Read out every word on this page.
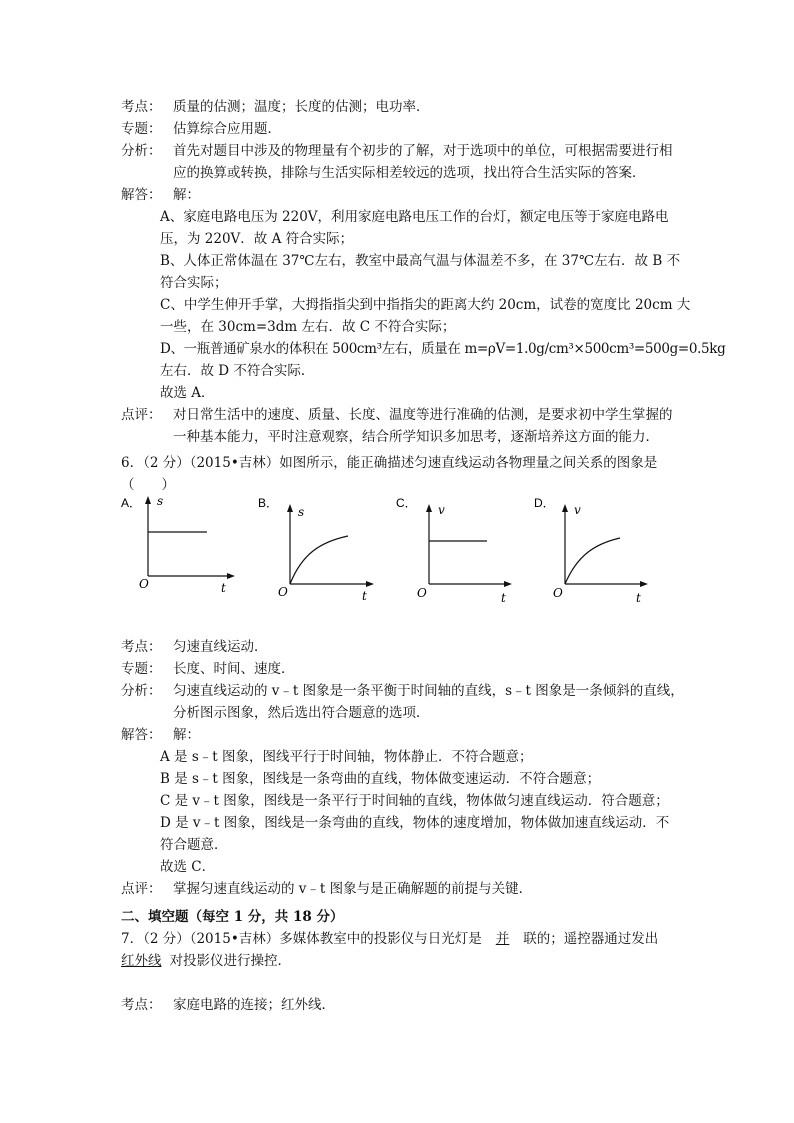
考点： 质量的估测；温度；长度的估测；电功率．
专题： 估算综合应用题．
分析： 首先对题目中涉及的物理量有个初步的了解，对于选项中的单位，可根据需要进行相
应的换算或转换，排除与生活实际相差较远的选项，找出符合生活实际的答案．
解答： 解：
A、家庭电路电压为 220V，利用家庭电路电压工作的台灯，额定电压等于家庭电路电
压，为 220V．故 A 符合实际；
B、人体正常体温在 37℃左右，教室中最高气温与体温差不多，在 37℃左右．故 B 不
符合实际；
C、中学生伸开手掌，大拇指指尖到中指指尖的距离大约 20cm，试卷的宽度比 20cm 大
一些，在 30cm=3dm 左右．故 C 不符合实际；
D、一瓶普通矿泉水的体积在 500cm³左右，质量在 m=ρV=1.0g/cm³×500cm³=500g=0.5kg
左右．故 D 不符合实际．
故选 A．
点评： 对日常生活中的速度、质量、长度、温度等进行准确的估测，是要求初中学生掌握的
一种基本能力，平时注意观察，结合所学知识多加思考，逐渐培养这方面的能力．
6．（2 分）（2015•吉林）如图所示，能正确描述匀速直线运动各物理量之间关系的图象是
（　　）
A． s
t
O
B．
s
t
O
C． v
t
O
D． v
t
O
考点： 匀速直线运动．
专题： 长度、时间、速度．
分析： 匀速直线运动的 v﹣t 图象是一条平衡于时间轴的直线，s﹣t 图象是一条倾斜的直线，
分析图示图象，然后选出符合题意的选项．
解答： 解：
A 是 s﹣t 图象，图线平行于时间轴，物体静止．不符合题意；
B 是 s﹣t 图象，图线是一条弯曲的直线，物体做变速运动．不符合题意；
C 是 v﹣t 图象，图线是一条平行于时间轴的直线，物体做匀速直线运动．符合题意；
D 是 v﹣t 图象，图线是一条弯曲的直线，物体的速度增加，物体做加速直线运动．不
符合题意．
故选 C．
点评： 掌握匀速直线运动的 v﹣t 图象与是正确解题的前提与关键．
二、填空题（每空 1 分，共 18 分）
7．（2 分）（2015•吉林）多媒体教室中的投影仪与日光灯是 并 联的；遥控器通过发出
红外线 对投影仪进行操控．
考点： 家庭电路的连接；红外线．
